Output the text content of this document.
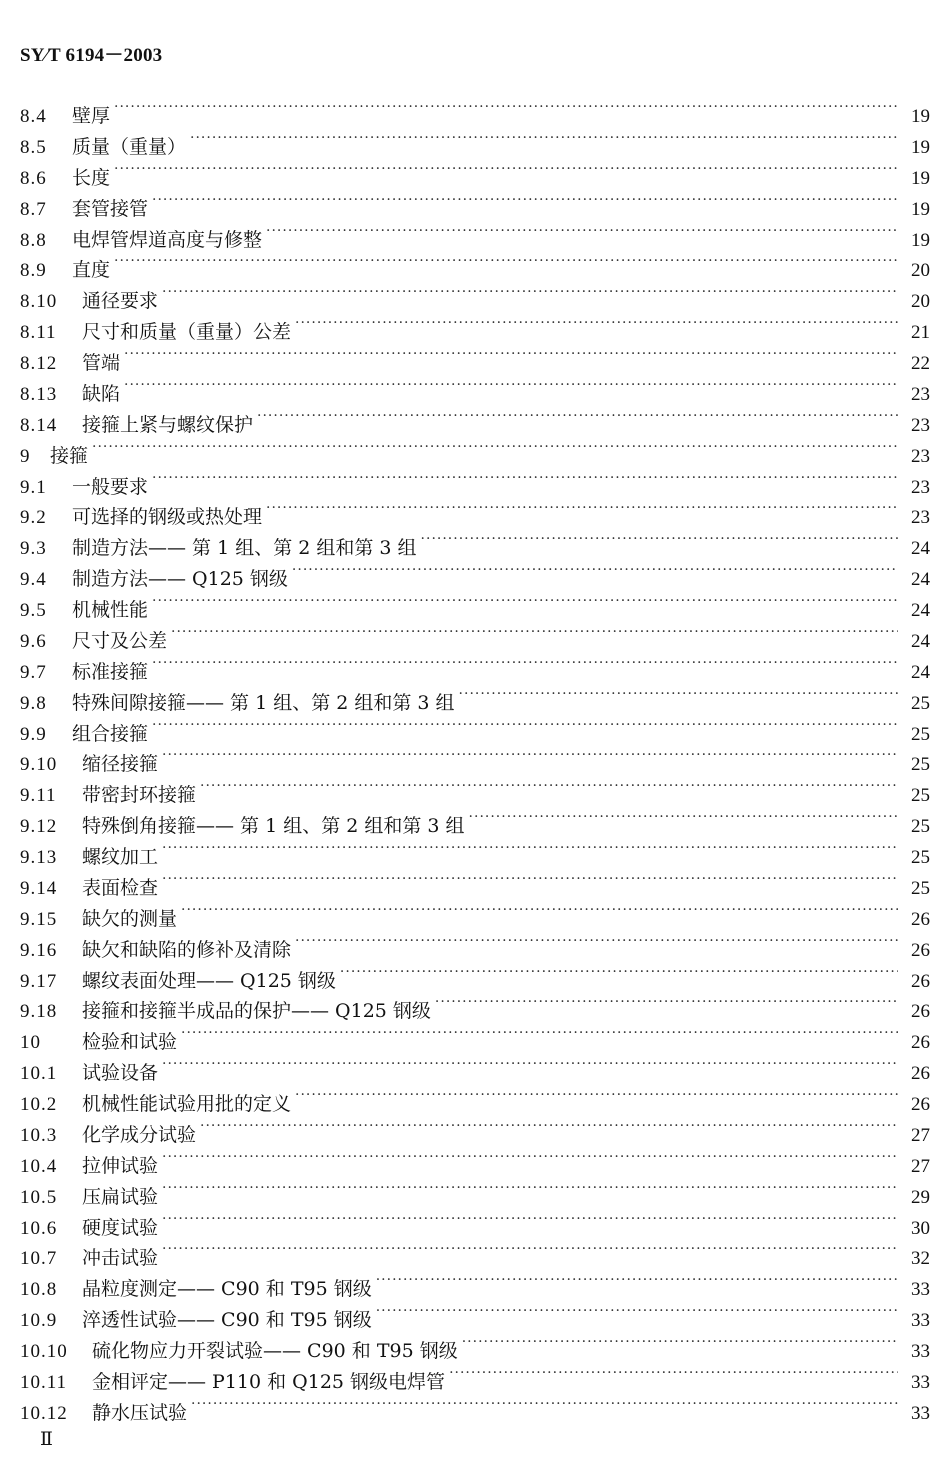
SY∕T 6194－2003
8.4	壁厚 ·····	19
8.5	质量（重量） ·····	19
8.6	长度 ·····	19
8.7	套管接管 ·····	19
8.8	电焊管焊道高度与修整 ·····	19
8.9	直度 ·····	20
8.10	通径要求 ·····	20
8.11	尺寸和质量（重量）公差 ·····	21
8.12	管端 ·····	22
8.13	缺陷 ·····	23
8.14	接箍上紧与螺纹保护 ·····	23
9	接箍 ·····	23
9.1	一般要求 ·····	23
9.2	可选择的钢级或热处理 ·····	23
9.3	制造方法—— 第 1 组、第 2 组和第 3 组 ·····	24
9.4	制造方法—— Q125 钢级 ·····	24
9.5	机械性能 ·····	24
9.6	尺寸及公差 ·····	24
9.7	标准接箍 ·····	24
9.8	特殊间隙接箍—— 第 1 组、第 2 组和第 3 组 ·····	25
9.9	组合接箍 ·····	25
9.10	缩径接箍 ·····	25
9.11	带密封环接箍 ·····	25
9.12	特殊倒角接箍—— 第 1 组、第 2 组和第 3 组 ·····	25
9.13	螺纹加工 ·····	25
9.14	表面检查 ·····	25
9.15	缺欠的测量 ·····	26
9.16	缺欠和缺陷的修补及清除 ·····	26
9.17	螺纹表面处理—— Q125 钢级 ·····	26
9.18	接箍和接箍半成品的保护—— Q125 钢级 ·····	26
10	检验和试验 ·····	26
10.1	试验设备 ·····	26
10.2	机械性能试验用批的定义 ·····	26
10.3	化学成分试验 ·····	27
10.4	拉伸试验 ·····	27
10.5	压扁试验 ·····	29
10.6	硬度试验 ·····	30
10.7	冲击试验 ·····	32
10.8	晶粒度测定—— C90 和 T95 钢级 ·····	33
10.9	淬透性试验—— C90 和 T95 钢级 ·····	33
10.10	硫化物应力开裂试验—— C90 和 T95 钢级 ·····	33
10.11	金相评定—— P110 和 Q125 钢级电焊管 ·····	33
10.12	静水压试验 ·····	33
Ⅱ
